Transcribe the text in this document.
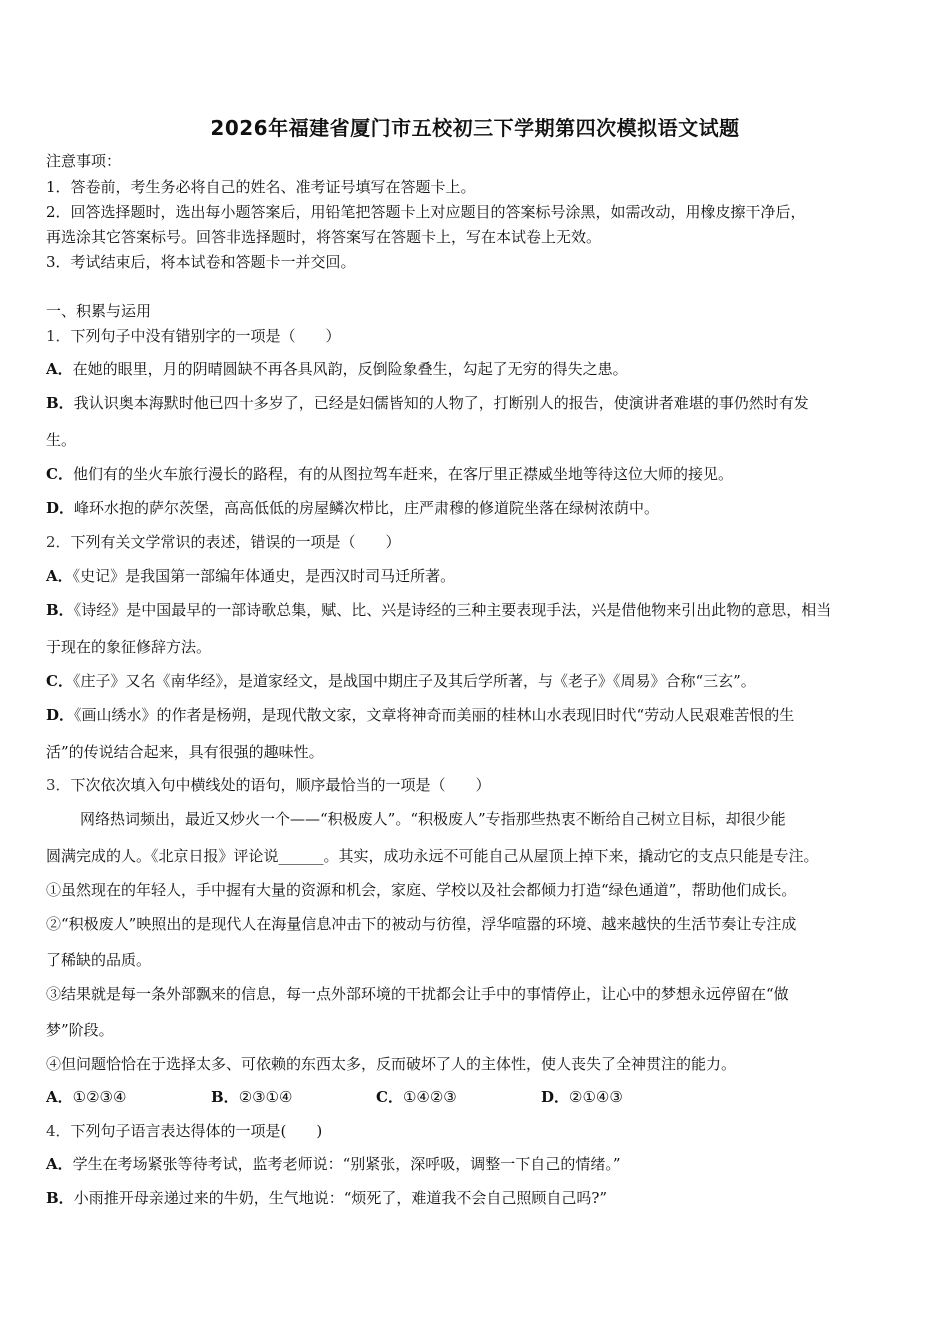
2026年福建省厦门市五校初三下学期第四次模拟语文试题
注意事项：
1．答卷前，考生务必将自己的姓名、准考证号填写在答题卡上。
2．回答选择题时，选出每小题答案后，用铅笔把答题卡上对应题目的答案标号涂黑，如需改动，用橡皮擦干净后，
再选涂其它答案标号。回答非选择题时，将答案写在答题卡上，写在本试卷上无效。
3．考试结束后，将本试卷和答题卡一并交回。
一、积累与运用
1．下列句子中没有错别字的一项是（　　）
A．在她的眼里，月的阴晴圆缺不再各具风韵，反倒险象叠生，勾起了无穷的得失之患。
B．我认识奥本海默时他已四十多岁了，已经是妇儒皆知的人物了，打断别人的报告，使演讲者难堪的事仍然时有发
生。
C．他们有的坐火车旅行漫长的路程，有的从图拉驾车赶来，在客厅里正襟威坐地等待这位大师的接见。
D．峰环水抱的萨尔茨堡，高高低低的房屋鳞次栉比，庄严肃穆的修道院坐落在绿树浓荫中。
2．下列有关文学常识的表述，错误的一项是（　　）
A．《史记》是我国第一部编年体通史，是西汉时司马迁所著。
B．《诗经》是中国最早的一部诗歌总集，赋、比、兴是诗经的三种主要表现手法，兴是借他物来引出此物的意思，相当
于现在的象征修辞方法。
C．《庄子》又名《南华经》，是道家经文，是战国中期庄子及其后学所著，与《老子》《周易》合称“三玄”。
D．《画山绣水》的作者是杨朔，是现代散文家，文章将神奇而美丽的桂林山水表现旧时代“劳动人民艰难苦恨的生
活”的传说结合起来，具有很强的趣味性。
3．下次依次填入句中横线处的语句，顺序最恰当的一项是（　　）
网络热词频出，最近又炒火一个——“积极废人”。“积极废人”专指那些热衷不断给自己树立目标，却很少能
圆满完成的人。《北京日报》评论说______。其实，成功永远不可能自己从屋顶上掉下来，撬动它的支点只能是专注。
①虽然现在的年轻人，手中握有大量的资源和机会，家庭、学校以及社会都倾力打造“绿色通道”，帮助他们成长。
②“积极废人”映照出的是现代人在海量信息冲击下的被动与彷徨，浮华喧嚣的环境、越来越快的生活节奏让专注成
了稀缺的品质。
③结果就是每一条外部飘来的信息，每一点外部环境的干扰都会让手中的事情停止，让心中的梦想永远停留在“做
梦”阶段。
④但问题恰恰在于选择太多、可依赖的东西太多，反而破坏了人的主体性，使人丧失了全神贯注的能力。
A．①②③④	B．②③①④	C．①④②③	D．②①④③
4．下列句子语言表达得体的一项是(　　)
A．学生在考场紧张等待考试，监考老师说：“别紧张，深呼吸，调整一下自己的情绪。”
B．小雨推开母亲递过来的牛奶，生气地说：“烦死了，难道我不会自己照顾自己吗?”
